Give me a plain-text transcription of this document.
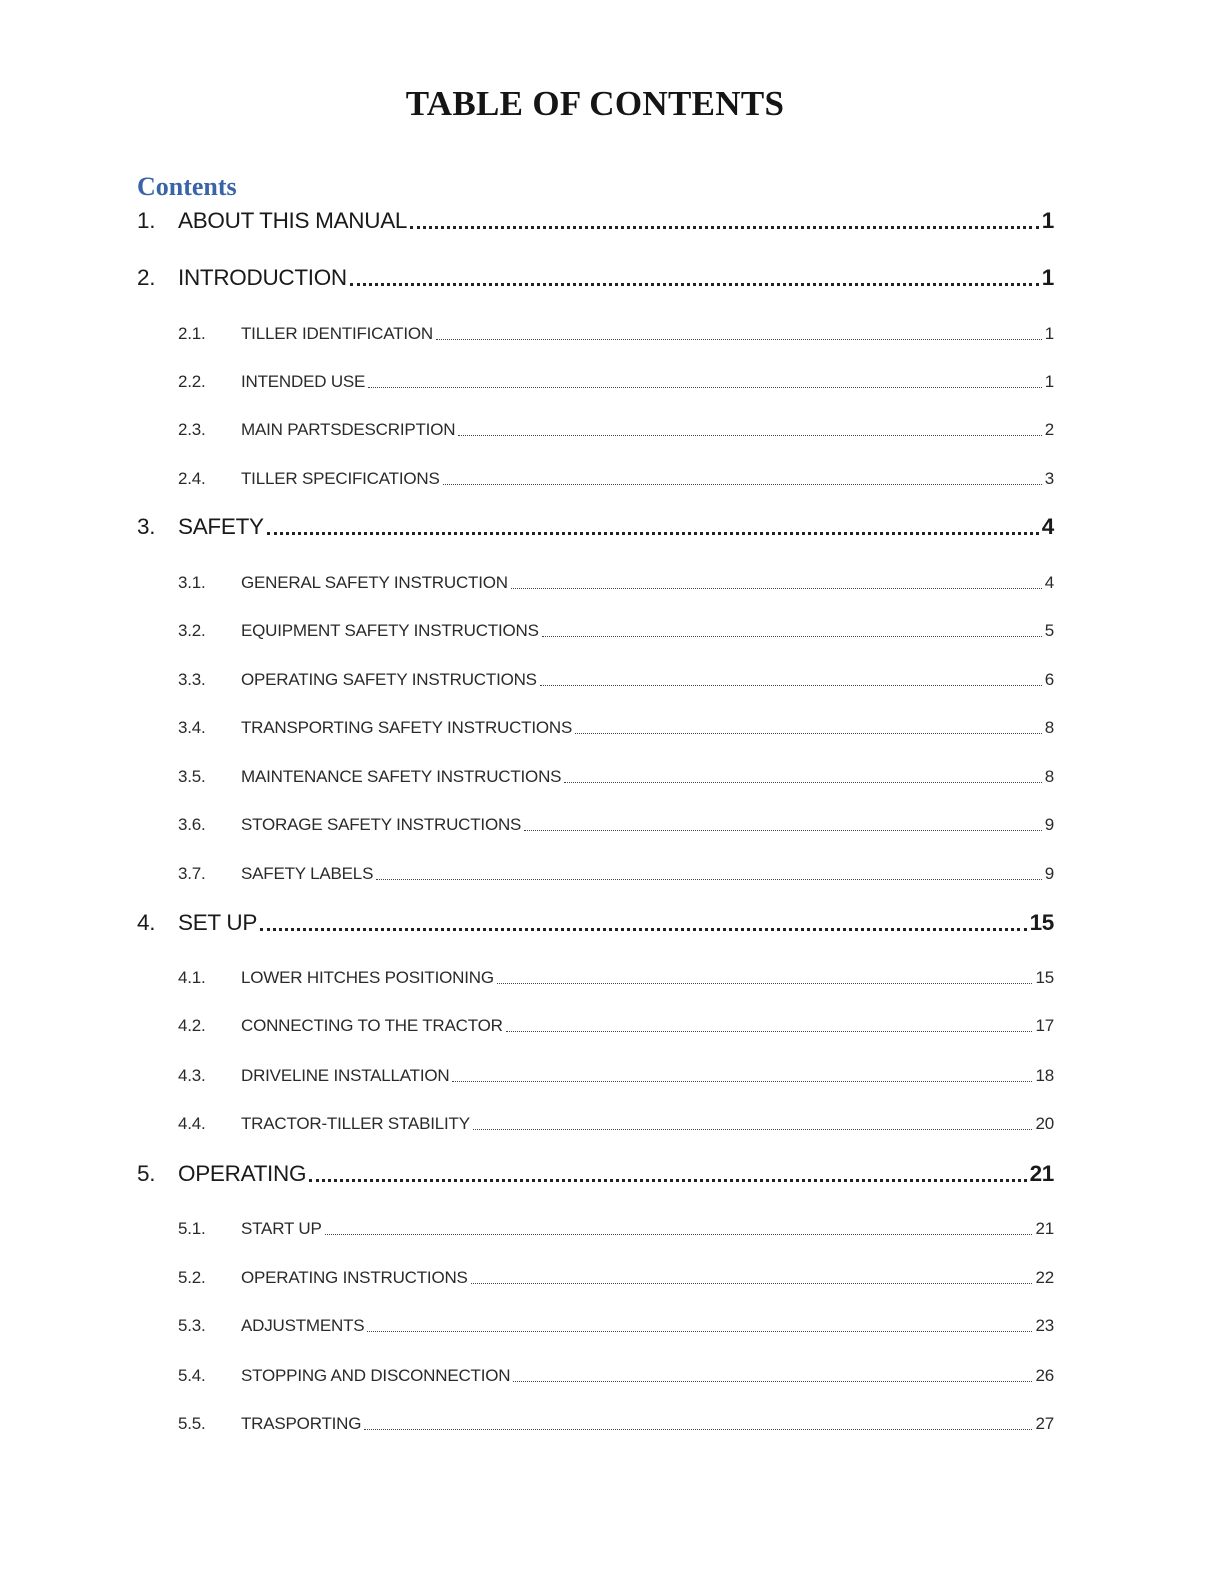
TABLE OF CONTENTS
Contents
1.	ABOUT THIS MANUAL	1
2.	INTRODUCTION	1
2.1.	TILLER IDENTIFICATION	1
2.2.	INTENDED USE	1
2.3.	MAIN PARTSDESCRIPTION	2
2.4.	TILLER SPECIFICATIONS	3
3.	SAFETY	4
3.1.	GENERAL SAFETY INSTRUCTION	4
3.2.	EQUIPMENT SAFETY INSTRUCTIONS	5
3.3.	OPERATING SAFETY INSTRUCTIONS	6
3.4.	TRANSPORTING SAFETY INSTRUCTIONS	8
3.5.	MAINTENANCE SAFETY INSTRUCTIONS	8
3.6.	STORAGE SAFETY INSTRUCTIONS	9
3.7.	SAFETY LABELS	9
4.	SET UP	15
4.1.	LOWER HITCHES POSITIONING	15
4.2.	CONNECTING TO THE TRACTOR	17
4.3.	DRIVELINE INSTALLATION	18
4.4.	TRACTOR-TILLER STABILITY	20
5.	OPERATING	21
5.1.	START UP	21
5.2.	OPERATING INSTRUCTIONS	22
5.3.	ADJUSTMENTS	23
5.4.	STOPPING AND DISCONNECTION	26
5.5.	TRASPORTING	27
